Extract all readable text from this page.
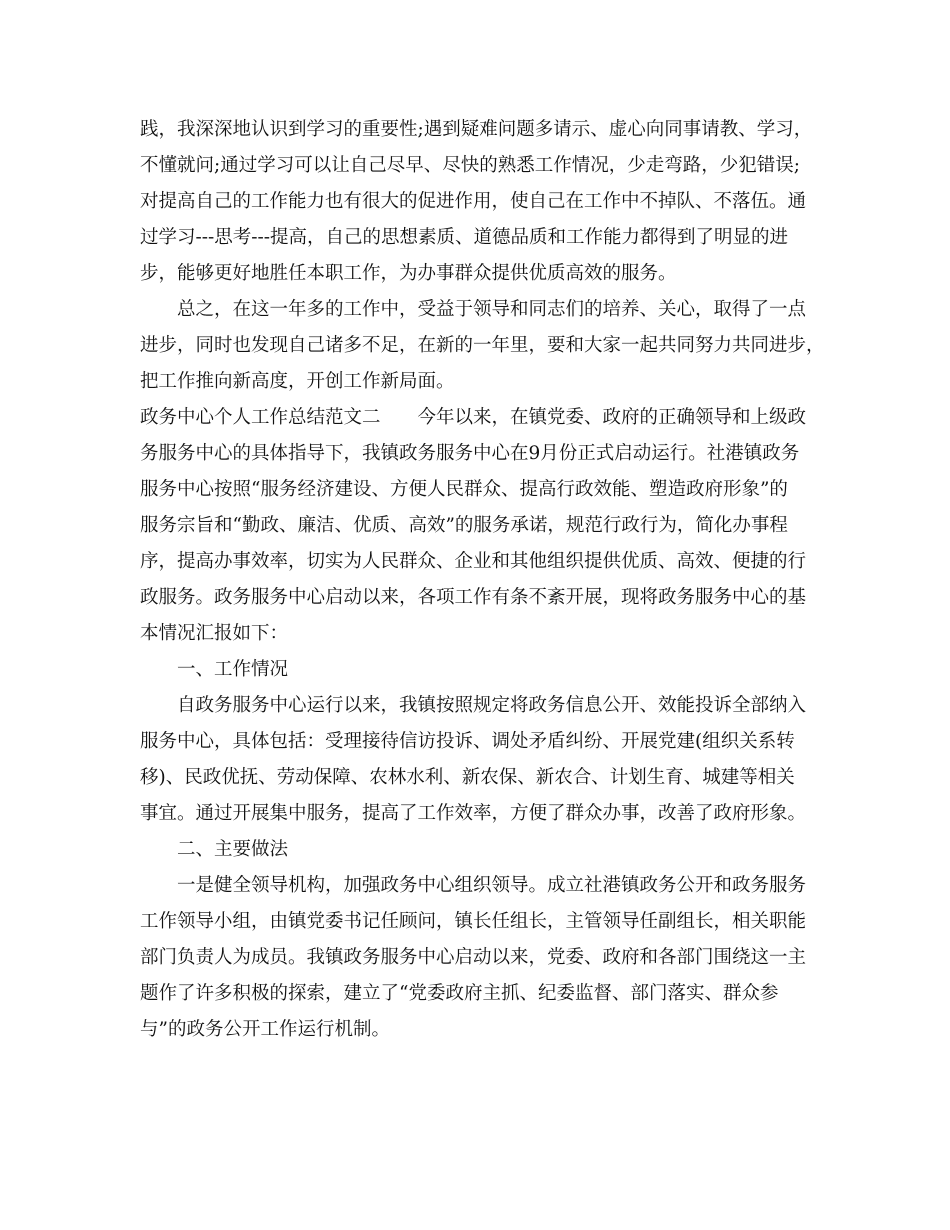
践，我深深地认识到学习的重要性;遇到疑难问题多请示、虚心向同事请教、学习，
不懂就问;通过学习可以让自己尽早、尽快的熟悉工作情况，少走弯路，少犯错误;
对提高自己的工作能力也有很大的促进作用，使自己在工作中不掉队、不落伍。通
过学习---思考---提高，自己的思想素质、道德品质和工作能力都得到了明显的进
步，能够更好地胜任本职工作，为办事群众提供优质高效的服务。
总之，在这一年多的工作中，受益于领导和同志们的培养、关心，取得了一点
进步，同时也发现自己诸多不足，在新的一年里，要和大家一起共同努力共同进步，
把工作推向新高度，开创工作新局面。
政务中心个人工作总结范文二　　今年以来，在镇党委、政府的正确领导和上级政
务服务中心的具体指导下，我镇政务服务中心在9月份正式启动运行。社港镇政务
服务中心按照“服务经济建设、方便人民群众、提高行政效能、塑造政府形象”的
服务宗旨和“勤政、廉洁、优质、高效”的服务承诺，规范行政行为，简化办事程
序，提高办事效率，切实为人民群众、企业和其他组织提供优质、高效、便捷的行
政服务。政务服务中心启动以来，各项工作有条不紊开展，现将政务服务中心的基
本情况汇报如下：
一、工作情况
自政务服务中心运行以来，我镇按照规定将政务信息公开、效能投诉全部纳入
服务中心，具体包括：受理接待信访投诉、调处矛盾纠纷、开展党建(组织关系转
移)、民政优抚、劳动保障、农林水利、新农保、新农合、计划生育、城建等相关
事宜。通过开展集中服务，提高了工作效率，方便了群众办事，改善了政府形象。
二、主要做法
一是健全领导机构，加强政务中心组织领导。成立社港镇政务公开和政务服务
工作领导小组，由镇党委书记任顾问，镇长任组长，主管领导任副组长，相关职能
部门负责人为成员。我镇政务服务中心启动以来，党委、政府和各部门围绕这一主
题作了许多积极的探索，建立了“党委政府主抓、纪委监督、部门落实、群众参
与”的政务公开工作运行机制。
